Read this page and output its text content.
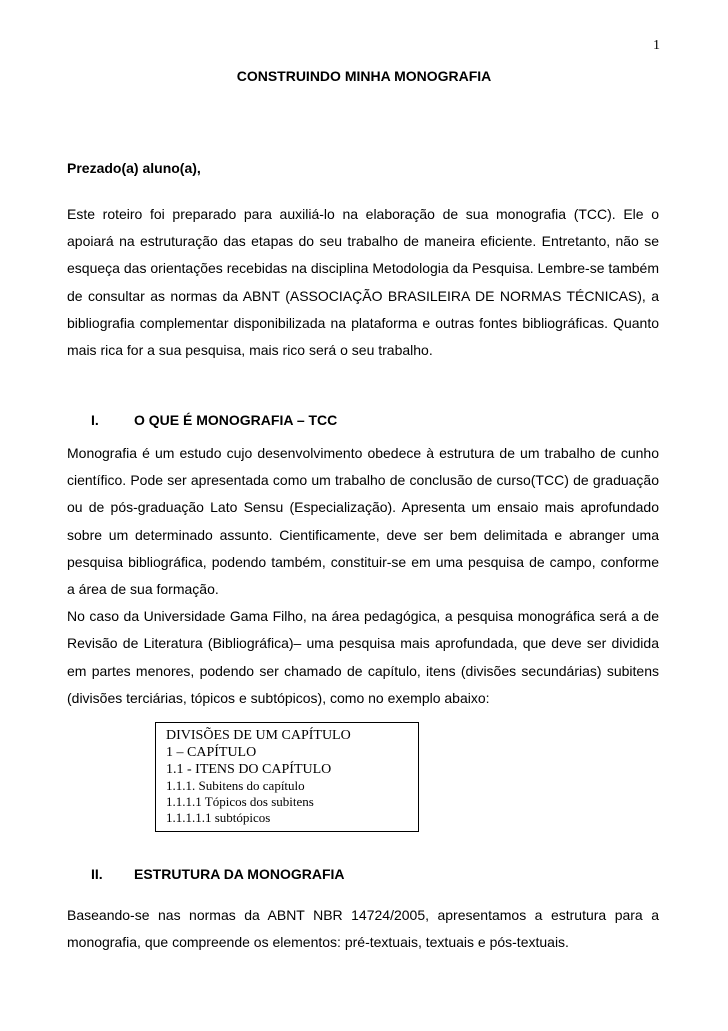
1
CONSTRUINDO MINHA MONOGRAFIA
Prezado(a) aluno(a),

Este roteiro foi preparado para auxiliá-lo na elaboração de sua monografia (TCC). Ele o apoiará na estruturação das etapas do seu trabalho de maneira eficiente. Entretanto, não se esqueça das orientações recebidas na disciplina Metodologia da Pesquisa. Lembre-se também de consultar as normas da ABNT (ASSOCIAÇÃO BRASILEIRA DE NORMAS TÉCNICAS), a bibliografia complementar disponibilizada na plataforma e outras fontes bibliográficas. Quanto mais rica for a sua pesquisa, mais rico será o seu trabalho.

I.	O QUE É MONOGRAFIA – TCC

Monografia é um estudo cujo desenvolvimento obedece à estrutura de um trabalho de cunho científico. Pode ser apresentada como um trabalho de conclusão de curso(TCC) de graduação ou de pós-graduação Lato Sensu (Especialização). Apresenta um ensaio mais aprofundado sobre um determinado assunto. Cientificamente, deve ser bem delimitada e abranger uma pesquisa bibliográfica, podendo também, constituir-se em uma pesquisa de campo, conforme a área de sua formação.

No caso da Universidade Gama Filho, na área pedagógica, a pesquisa monográfica será a de Revisão de Literatura (Bibliográfica)– uma pesquisa mais aprofundada, que deve ser dividida em partes menores, podendo ser chamado de capítulo, itens (divisões secundárias) subitens (divisões terciárias, tópicos e subtópicos), como no exemplo abaixo:

DIVISÕES DE UM CAPÍTULO
1 – CAPÍTULO
1.1 - ITENS DO CAPÍTULO
1.1.1. Subitens do capítulo
1.1.1.1 Tópicos dos subitens
1.1.1.1.1 subtópicos
II. ESTRUTURA DA MONOGRAFIA

Baseando-se nas normas da ABNT NBR 14724/2005, apresentamos a estrutura para a monografia, que compreende os elementos: pré-textuais, textuais e pós-textuais.
